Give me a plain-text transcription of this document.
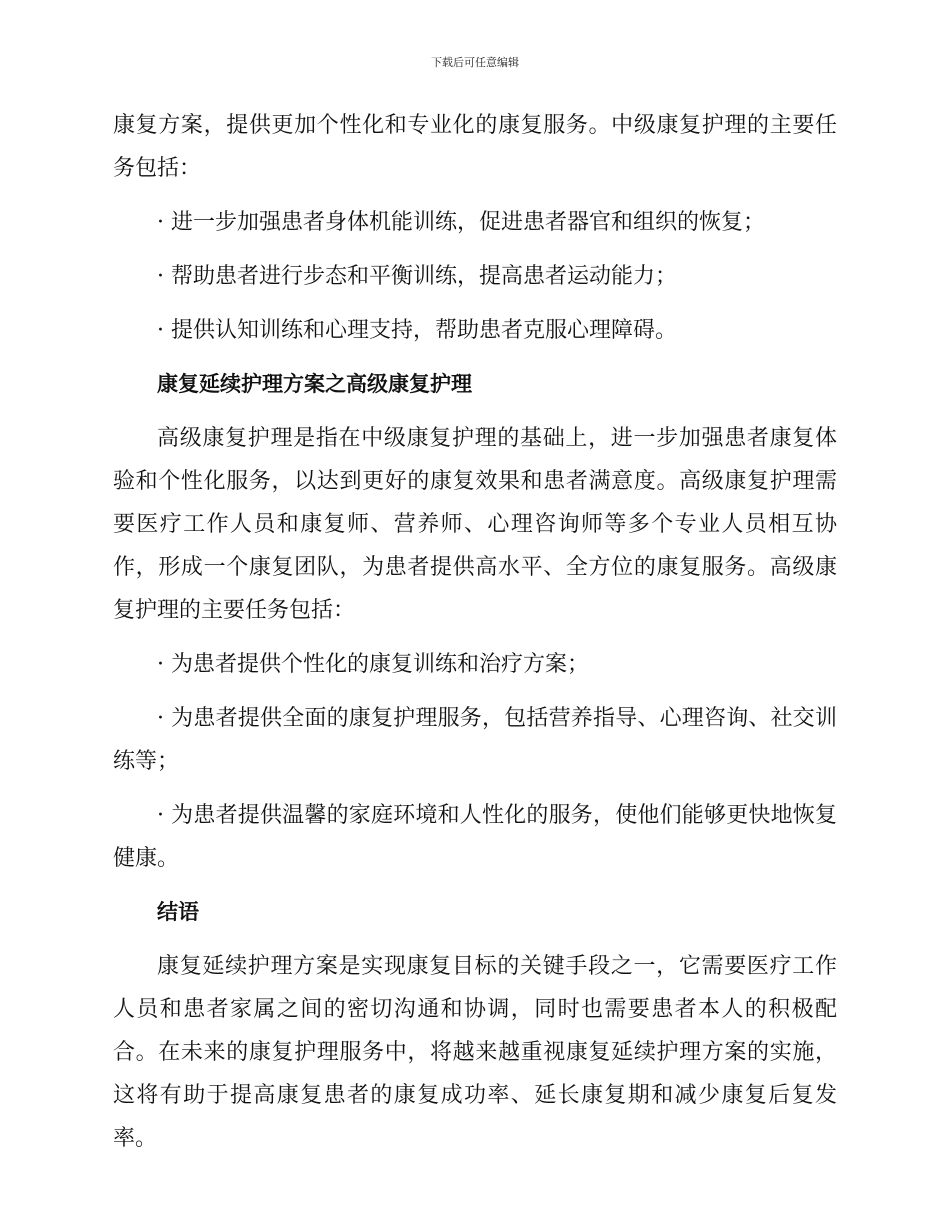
下载后可任意编辑

康复方案，提供更加个性化和专业化的康复服务。中级康复护理的主要任务包括：

· 进一步加强患者身体机能训练，促进患者器官和组织的恢复；

· 帮助患者进行步态和平衡训练，提高患者运动能力；

· 提供认知训练和心理支持，帮助患者克服心理障碍。

康复延续护理方案之高级康复护理

高级康复护理是指在中级康复护理的基础上，进一步加强患者康复体验和个性化服务，以达到更好的康复效果和患者满意度。高级康复护理需要医疗工作人员和康复师、营养师、心理咨询师等多个专业人员相互协作，形成一个康复团队，为患者提供高水平、全方位的康复服务。高级康复护理的主要任务包括：

· 为患者提供个性化的康复训练和治疗方案；

· 为患者提供全面的康复护理服务，包括营养指导、心理咨询、社交训练等；

· 为患者提供温馨的家庭环境和人性化的服务，使他们能够更快地恢复健康。

结语

康复延续护理方案是实现康复目标的关键手段之一，它需要医疗工作人员和患者家属之间的密切沟通和协调，同时也需要患者本人的积极配合。在未来的康复护理服务中，将越来越重视康复延续护理方案的实施，这将有助于提高康复患者的康复成功率、延长康复期和减少康复后复发率。
